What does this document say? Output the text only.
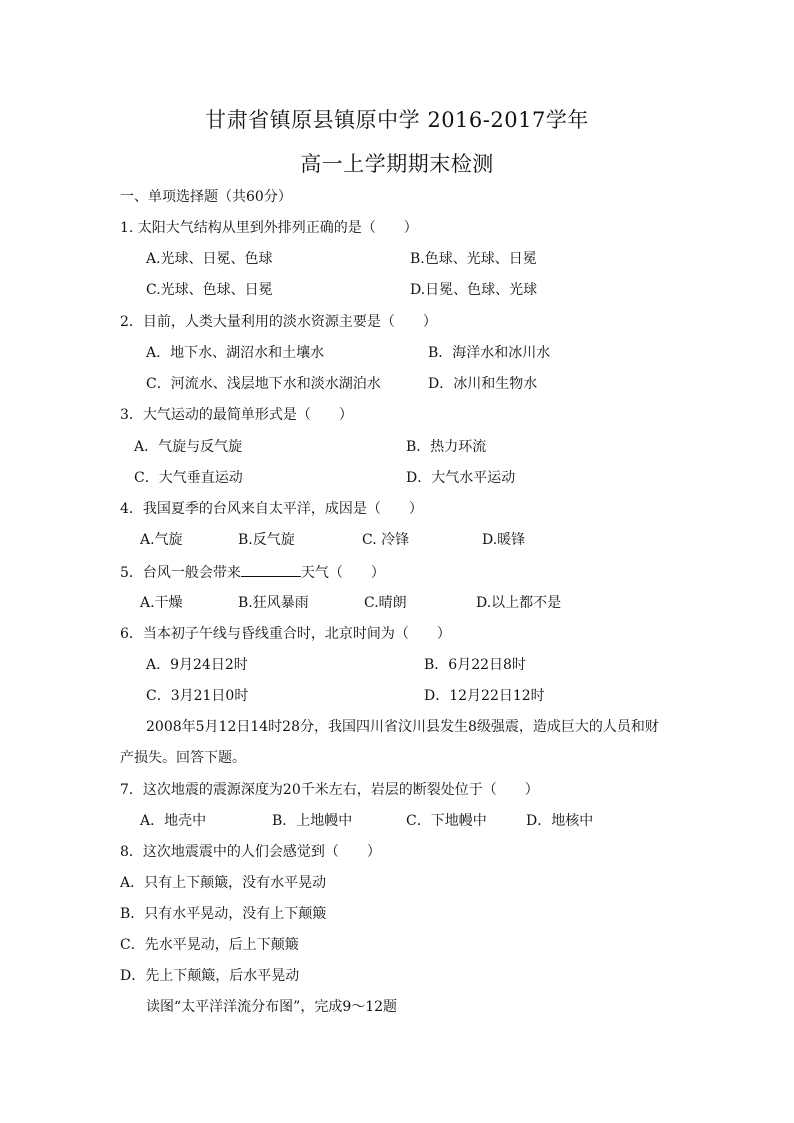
甘肃省镇原县镇原中学 2016-2017学年
高一上学期期末检测
一、单项选择题（共60分）
1. 太阳大气结构从里到外排列正确的是（　　）
A.光球、日冕、色球	B.色球、光球、日冕
C.光球、色球、日冕	D.日冕、色球、光球
2．目前，人类大量利用的淡水资源主要是（　　）
A．地下水、湖沼水和土壤水	B．海洋水和冰川水
C．河流水、浅层地下水和淡水湖泊水	D．冰川和生物水
3．大气运动的最简单形式是（　　）
A．气旋与反气旋	B．热力环流
C．大气垂直运动	D．大气水平运动
4．我国夏季的台风来自太平洋，成因是（　　）
A.气旋	B.反气旋	C. 冷锋	D.暖锋
5．台风一般会带来	天气（　　）
A.干燥	B.狂风暴雨	C.晴朗	D.以上都不是
6．当本初子午线与昏线重合时，北京时间为（　　）
A．9月24日2时	B．6月22日8时
C．3月21日0时	D．12月22日12时
2008年5月12日14时28分，我国四川省汶川县发生8级强震，造成巨大的人员和财
产损失。回答下题。
7．这次地震的震源深度为20千米左右，岩层的断裂处位于（　　）
A．地壳中	B．上地幔中	C．下地幔中	D．地核中
8．这次地震震中的人们会感觉到（　　）
A．只有上下颠簸，没有水平晃动
B．只有水平晃动，没有上下颠簸
C．先水平晃动，后上下颠簸
D．先上下颠簸，后水平晃动
读图“太平洋洋流分布图”，完成9～12题
